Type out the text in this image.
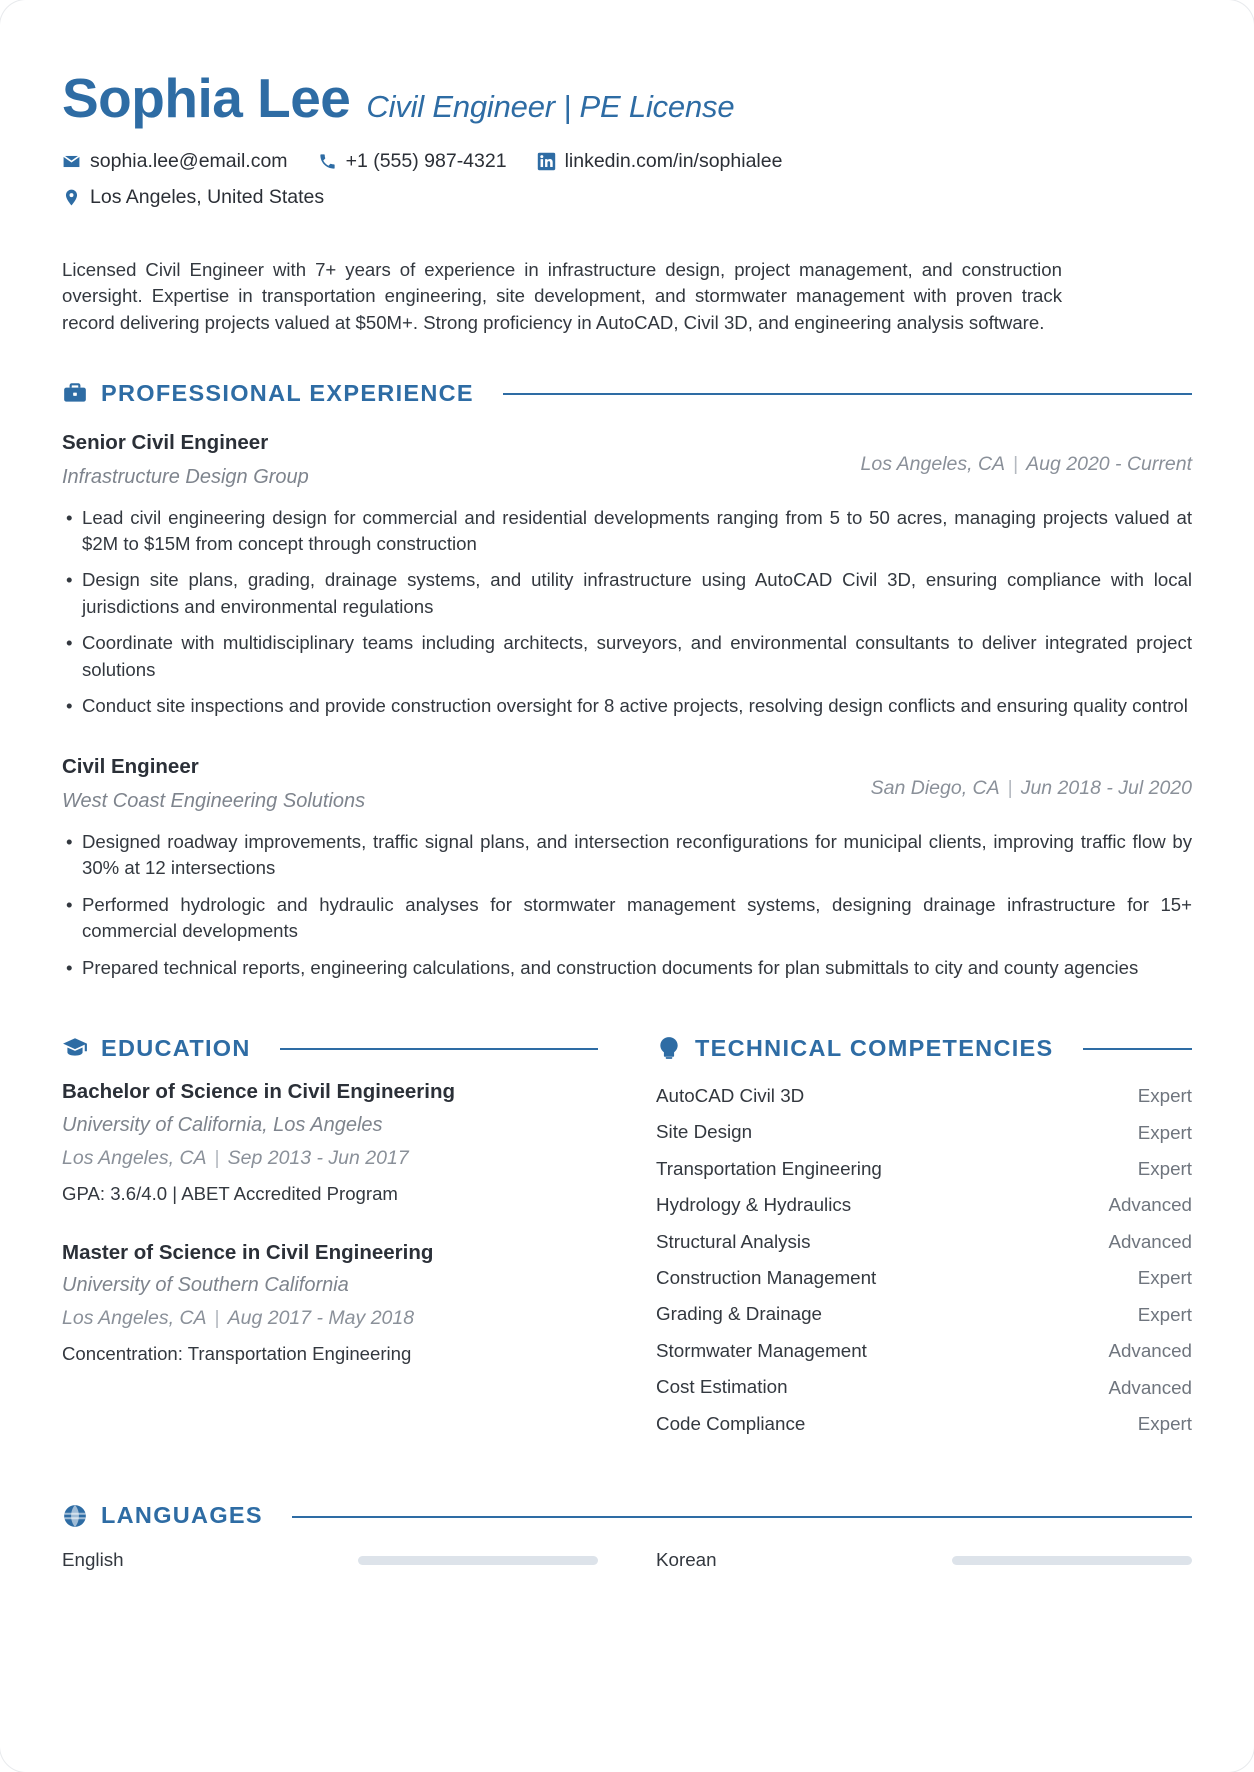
Sophia Lee Civil Engineer | PE License
sophia.lee@email.com	+1 (555) 987-4321	linkedin.com/in/sophialee
Los Angeles, United States
Licensed Civil Engineer with 7+ years of experience in infrastructure design, project management, and construction oversight. Expertise in transportation engineering, site development, and stormwater management with proven track record delivering projects valued at $50M+. Strong proficiency in AutoCAD, Civil 3D, and engineering analysis software.
PROFESSIONAL EXPERIENCE
Senior Civil Engineer
Infrastructure Design Group
Los Angeles, CA | Aug 2020 - Current
• Lead civil engineering design for commercial and residential developments ranging from 5 to 50 acres, managing projects valued at $2M to $15M from concept through construction
• Design site plans, grading, drainage systems, and utility infrastructure using AutoCAD Civil 3D, ensuring compliance with local jurisdictions and environmental regulations
• Coordinate with multidisciplinary teams including architects, surveyors, and environmental consultants to deliver integrated project solutions
• Conduct site inspections and provide construction oversight for 8 active projects, resolving design conflicts and ensuring quality control
Civil Engineer
West Coast Engineering Solutions
San Diego, CA | Jun 2018 - Jul 2020
• Designed roadway improvements, traffic signal plans, and intersection reconfigurations for municipal clients, improving traffic flow by 30% at 12 intersections
• Performed hydrologic and hydraulic analyses for stormwater management systems, designing drainage infrastructure for 15+ commercial developments
• Prepared technical reports, engineering calculations, and construction documents for plan submittals to city and county agencies
EDUCATION
Bachelor of Science in Civil Engineering
University of California, Los Angeles
Los Angeles, CA | Sep 2013 - Jun 2017
GPA: 3.6/4.0 | ABET Accredited Program
Master of Science in Civil Engineering
University of Southern California
Los Angeles, CA | Aug 2017 - May 2018
Concentration: Transportation Engineering
TECHNICAL COMPETENCIES
AutoCAD Civil 3D	Expert
Site Design	Expert
Transportation Engineering	Expert
Hydrology & Hydraulics	Advanced
Structural Analysis	Advanced
Construction Management	Expert
Grading & Drainage	Expert
Stormwater Management	Advanced
Cost Estimation	Advanced
Code Compliance	Expert
LANGUAGES
English	Korean
